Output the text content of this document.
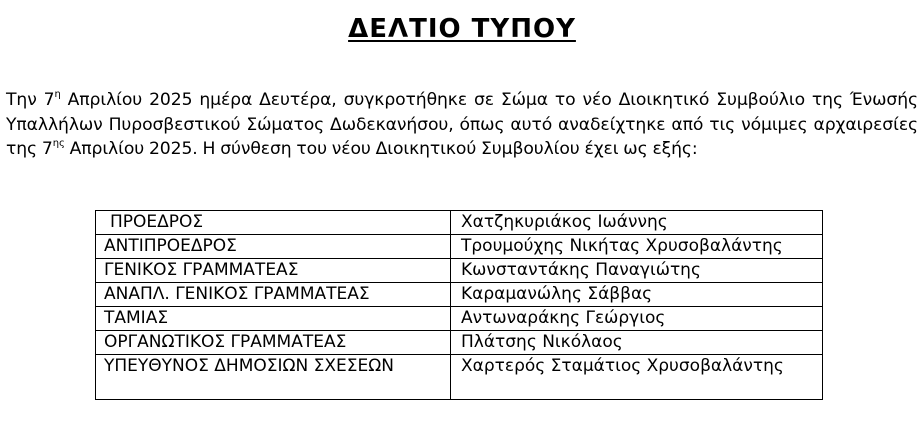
ΔΕΛΤΙΟ ΤΥΠΟΥ

Την $7^\eta$ Απριλίου 2025 ημέρα Δευτέρα, συγκροτήθηκε σε Σώμα το νέο Διοικητικό Συμβούλιο της Ένωσής Υπαλλήλων Πυροσβεστικού Σώματος Δωδεκανήσου, όπως αυτό αναδείχτηκε από τις νόμιμες αρχαιρεσίες της $7^{\eta\varsigma}$ Απριλίου 2025. Η σύνθεση του νέου Διοικητικού Συμβουλίου έχει ως εξής:

ΠΡΟΕΔΡΟΣ	Χατζηκυριάκος Ιωάννης
ΑΝΤΙΠΡΟΕΔΡΟΣ	Τρουμούχης Νικήτας Χρυσοβαλάντης
ΓΕΝΙΚΟΣ ΓΡΑΜΜΑΤΕΑΣ	Κωνσταντάκης Παναγιώτης
ΑΝΑΠΛ. ΓΕΝΙΚΟΣ ΓΡΑΜΜΑΤΕΑΣ	Καραμανώλης Σάββας
ΤΑΜΙΑΣ	Αντωναράκης Γεώργιος
ΟΡΓΑΝΩΤΙΚΟΣ ΓΡΑΜΜΑΤΕΑΣ	Πλάτσης Νικόλαος
ΥΠΕΥΘΥΝΟΣ ΔΗΜΟΣΙΩΝ ΣΧΕΣΕΩΝ	Χαρτερός Σταμάτιος Χρυσοβαλάντης
